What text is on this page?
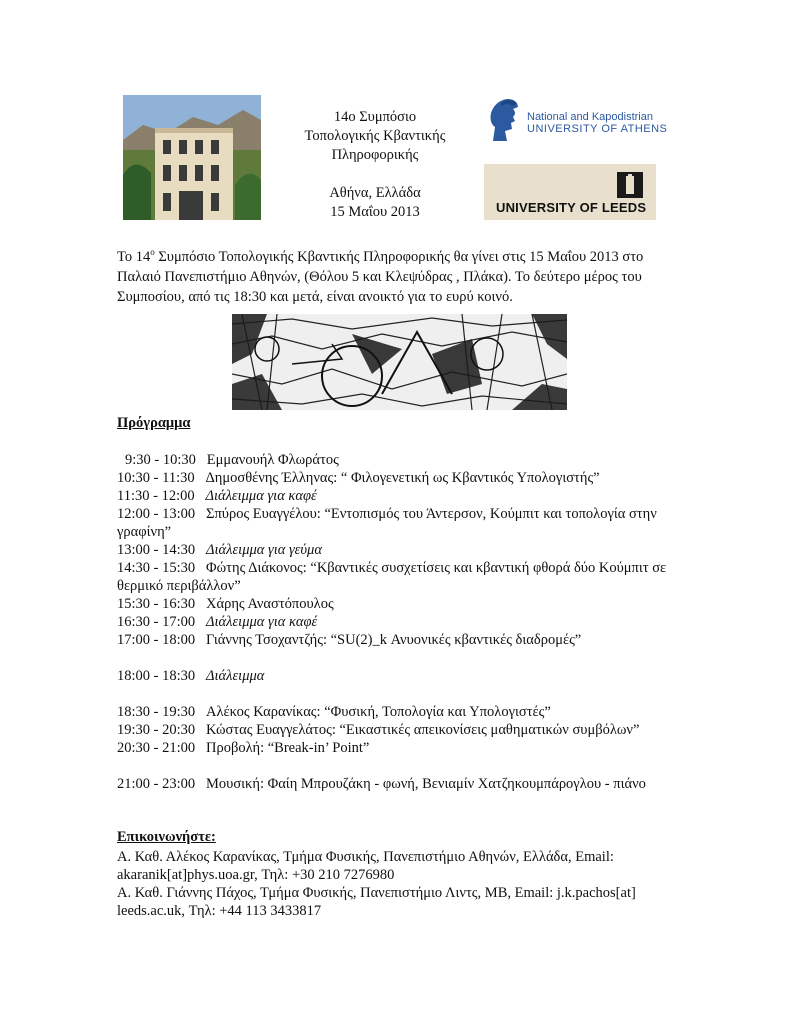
14ο Συμπόσιο
Τοπολογικής Κβαντικής
Πληροφορικής
Αθήνα, Ελλάδα
15 Μαΐου 2013
National and Kapodistrian
UNIVERSITY OF ATHENS
UNIVERSITY OF LEEDS
Το $14^o$ Συμπόσιο Τοπολογικής Κβαντικής Πληροφορικής θα γίνει στις 15 Μαΐου 2013 στο Παλαιό Πανεπιστήμιο Αθηνών, (Θόλου 5 και Κλεψύδρας , Πλάκα). Το δεύτερο μέρος του Συμποσίου, από τις 18:30 και μετά, είναι ανοικτό για το ευρύ κοινό.
Πρόγραμμα
9:30 - 10:30 Εμμανουήλ Φλωράτος
10:30 - 11:30 Δημοσθένης Έλληνας: “ Φιλογενετική ως Κβαντικός Υπολογιστής”
11:30 - 12:00 Διάλειμμα για καφέ
12:00 - 13:00 Σπύρος Ευαγγέλου: “Εντοπισμός του Άντερσον, Κούμπιτ και τοπολογία στην γραφίνη”
13:00 - 14:30 Διάλειμμα για γεύμα
14:30 - 15:30 Φώτης Διάκονος: “Κβαντικές συσχετίσεις και κβαντική φθορά δύο Κούμπιτ σε θερμικό περιβάλλον”
15:30 - 16:30 Χάρης Αναστόπουλος
16:30 - 17:00 Διάλειμμα για καφέ
17:00 - 18:00 Γιάννης Τσοχαντζής: “SU(2)_k Ανυονικές κβαντικές διαδρομές”
18:00 - 18:30 Διάλειμμα
18:30 - 19:30 Αλέκος Καρανίκας: “Φυσική, Τοπολογία και Υπολογιστές”
19:30 - 20:30 Κώστας Ευαγγελάτος: “Εικαστικές απεικονίσεις μαθηματικών συμβόλων”
20:30 - 21:00 Προβολή: “Break-in’ Point”
21:00 - 23:00 Μουσική: Φαίη Μπρουζάκη - φωνή, Βενιαμίν Χατζηκουμπάρογλου - πιάνο
Επικοινωνήστε:
Α. Καθ. Αλέκος Καρανίκας, Τμήμα Φυσικής, Πανεπιστήμιο Αθηνών, Ελλάδα, Email: akaranik[at]phys.uoa.gr, Τηλ: +30 210 7276980
Α. Καθ. Γιάννης Πάχος, Τμήμα Φυσικής, Πανεπιστήμιο Λιντς, ΜΒ, Email: j.k.pachos[at] leeds.ac.uk, Τηλ: +44 113 3433817
